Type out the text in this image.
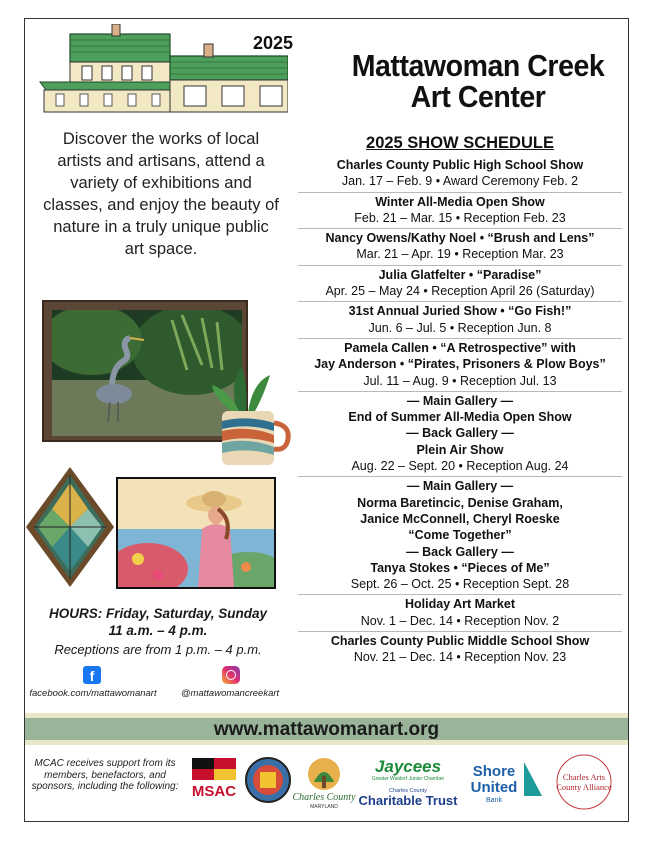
2025
Mattawoman Creek
Art Center
Discover the works of local artists and artisans, attend a variety of exhibitions and classes, and enjoy the beauty of nature in a truly unique public art space.
HOURS: Friday, Saturday, Sunday
11 a.m. – 4 p.m.
Receptions are from 1 p.m. – 4 p.m.
f
facebook.com/mattawomanart	@mattawomancreekart
2025 SHOW SCHEDULE
Charles County Public High School Show
Jan. 17 – Feb. 9 • Award Ceremony Feb. 2
Winter All-Media Open Show
Feb. 21 – Mar. 15 • Reception Feb. 23
Nancy Owens/Kathy Noel • “Brush and Lens”
Mar. 21 – Apr. 19 • Reception Mar. 23
Julia Glatfelter • “Paradise”
Apr. 25 – May 24 • Reception April 26 (Saturday)
31st Annual Juried Show • “Go Fish!”
Jun. 6 – Jul. 5 • Reception Jun. 8
Pamela Callen • “A Retrospective” with
Jay Anderson • “Pirates, Prisoners & Plow Boys”
Jul. 11 – Aug. 9 • Reception Jul. 13
— Main Gallery —
End of Summer All-Media Open Show
— Back Gallery —
Plein Air Show
Aug. 22 – Sept. 20 • Reception Aug. 24
— Main Gallery —
Norma Baretincic, Denise Graham,
Janice McConnell, Cheryl Roeske
“Come Together”
— Back Gallery —
Tanya Stokes • “Pieces of Me”
Sept. 26 – Oct. 25 • Reception Sept. 28
Holiday Art Market
Nov. 1 – Dec. 14 • Reception Nov. 2
Charles County Public Middle School Show
Nov. 21 – Dec. 14 • Reception Nov. 23
www.mattawomanart.org
MCAC receives support from its members, benefactors, and sponsors, including the following: MSAC	Charles County
MARYLAND
Jaycees
Greater Waldorf Junior Chamber
Charles County
Charitable Trust
Shore
United
Bank
Charles Arts
County Alliance
